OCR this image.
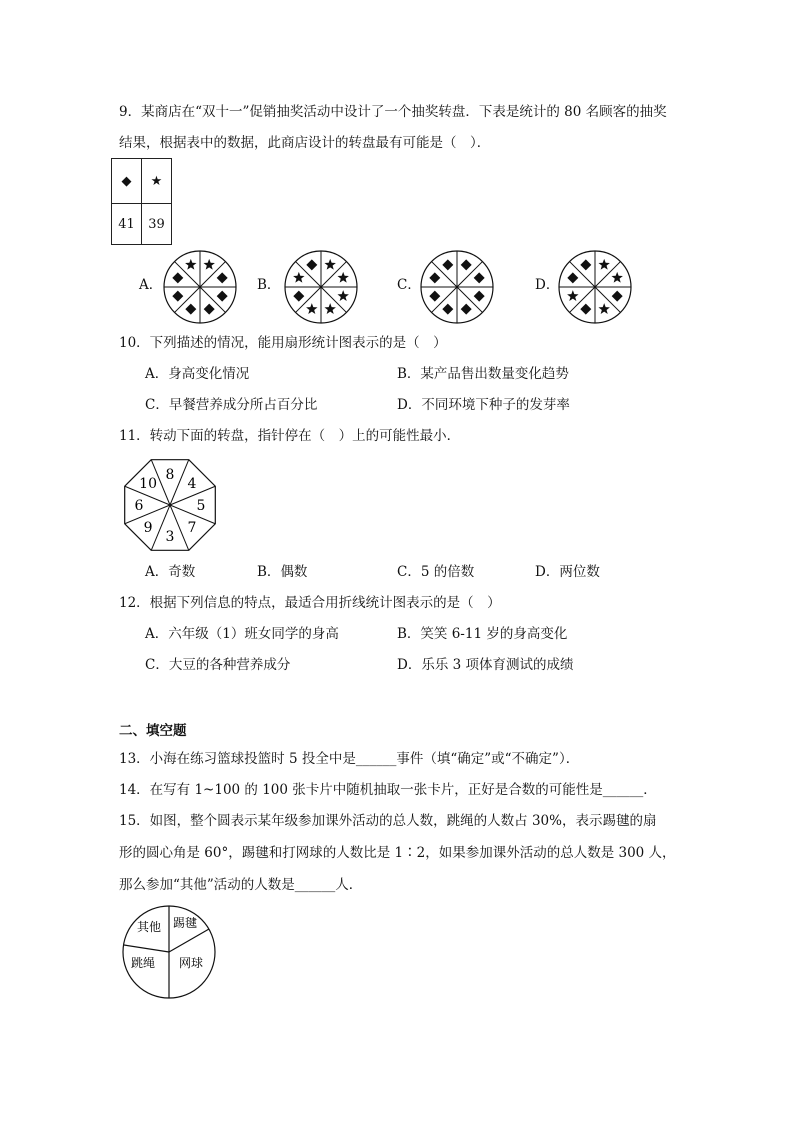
9．某商店在“双十一”促销抽奖活动中设计了一个抽奖转盘．下表是统计的 80 名顾客的抽奖
结果，根据表中的数据，此商店设计的转盘最有可能是（　）．
◆	★
41	39
A．	B．	C．	D．
10．下列描述的情况，能用扇形统计图表示的是（　）
A．身高变化情况	B．某产品售出数量变化趋势
C．早餐营养成分所占百分比	D．不同环境下种子的发芽率
11．转动下面的转盘，指针停在（　）上的可能性最小．
8
4
5
7
3
9
6
10
A．奇数	B．偶数	C．5 的倍数	D．两位数
12．根据下列信息的特点，最适合用折线统计图表示的是（　）
A．六年级（1）班女同学的身高	B．笑笑 6-11 岁的身高变化
C．大豆的各种营养成分	D．乐乐 3 项体育测试的成绩
二、填空题
13．小海在练习篮球投篮时 5 投全中是______事件（填“确定”或“不确定”）．
14．在写有 1~100 的 100 张卡片中随机抽取一张卡片，正好是合数的可能性是______．
15．如图，整个圆表示某年级参加课外活动的总人数，跳绳的人数占 30%，表示踢毽的扇
形的圆心角是 60°，踢毽和打网球的人数比是 1∶2，如果参加课外活动的总人数是 300 人，
那么参加“其他”活动的人数是______人．
其他 踢毽
网球
跳绳
